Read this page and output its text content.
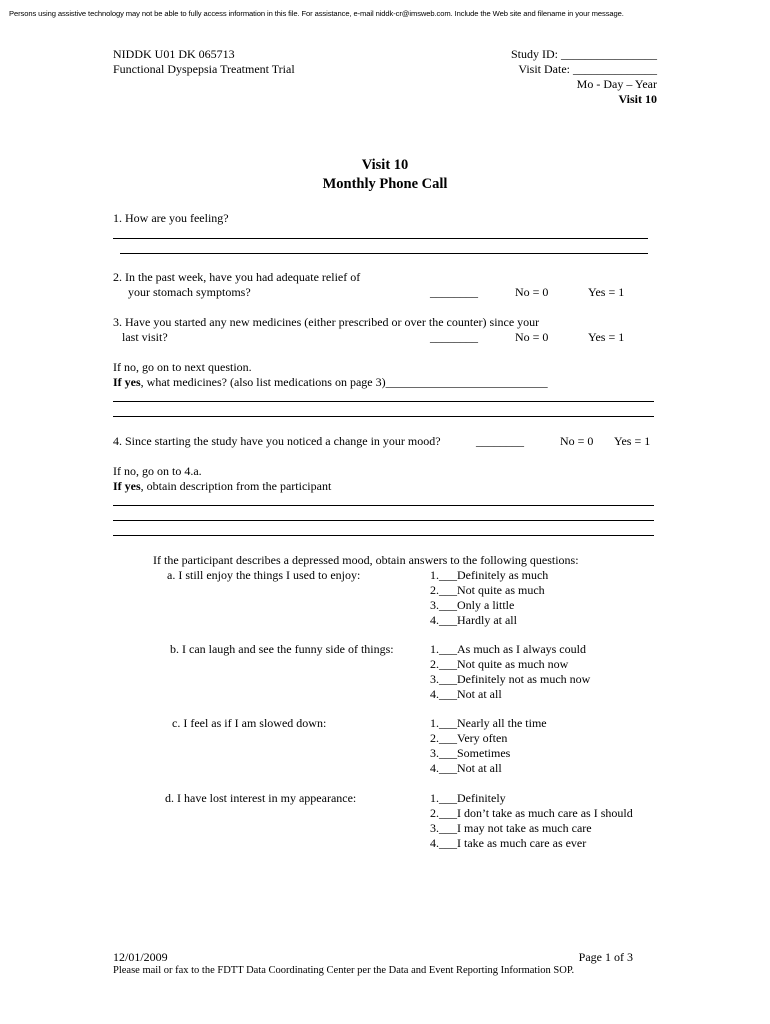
Persons using assistive technology may not be able to fully access information in this file. For assistance, e-mail niddk-cr@imsweb.com. Include the Web site and filename in your message.
NIDDK U01 DK 065713
Functional Dyspepsia Treatment Trial
Study ID: ________________
Visit Date: ______________
Mo - Day – Year
Visit 10
Visit 10
Monthly Phone Call
1. How are you feeling?
2. In the past week, have you had adequate relief of
your stomach symptoms?	________	No = 0	Yes = 1
3. Have you started any new medicines (either prescribed or over the counter) since your
last visit?	________	No = 0	Yes = 1
If no, go on to next question.
If yes, what medicines? (also list medications on page 3)___________________________
4. Since starting the study have you noticed a change in your mood?	________	No = 0 Yes = 1
If no, go on to 4.a.
If yes, obtain description from the participant
If the participant describes a depressed mood, obtain answers to the following questions:
a. I still enjoy the things I used to enjoy:	1.___Definitely as much
2.___Not quite as much
3.___Only a little
4.___Hardly at all
b. I can laugh and see the funny side of things:	1.___As much as I always could
2.___Not quite as much now
3.___Definitely not as much now
4.___Not at all
c. I feel as if I am slowed down:	1.___Nearly all the time
2.___Very often
3.___Sometimes
4.___Not at all
d. I have lost interest in my appearance:	1.___Definitely
2.___I don’t take as much care as I should
3.___I may not take as much care
4.___I take as much care as ever
12/01/2009	Page 1 of 3
Please mail or fax to the FDTT Data Coordinating Center per the Data and Event Reporting Information SOP.
